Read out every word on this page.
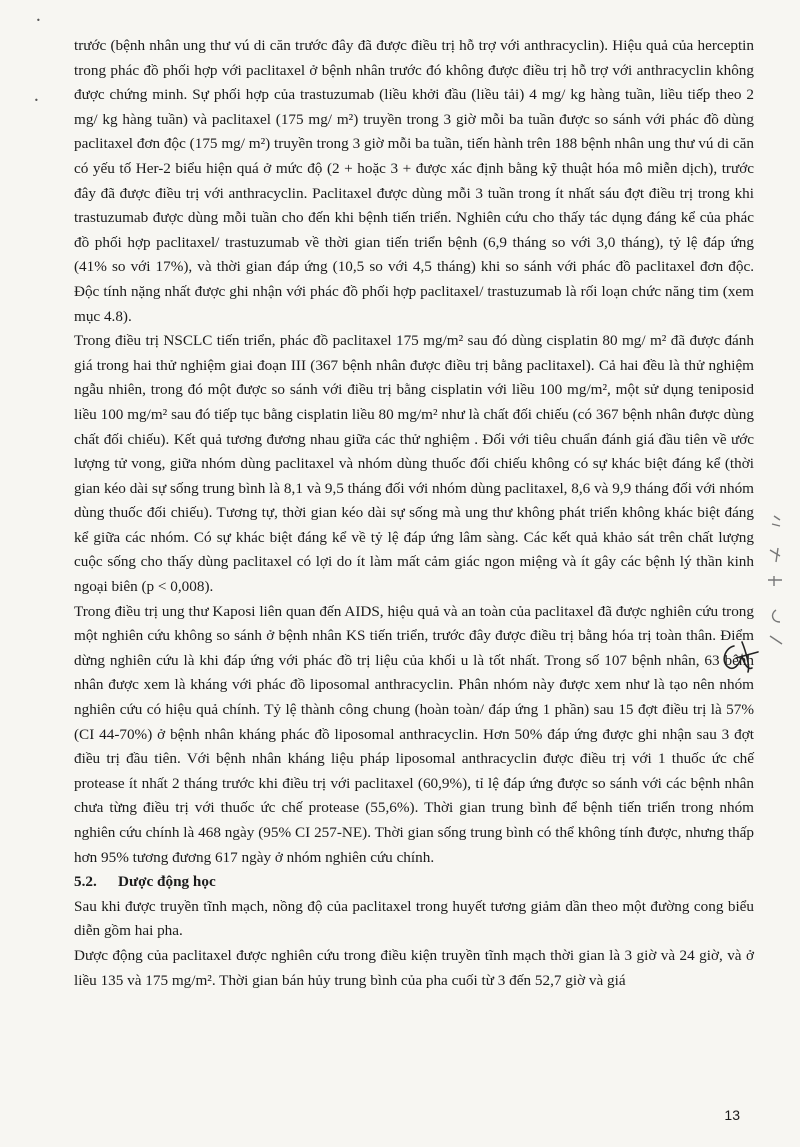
trước (bệnh nhân ung thư vú di căn trước đây đã được điều trị hỗ trợ với anthracyclin). Hiệu quả của herceptin trong phác đồ phối hợp với paclitaxel ở bệnh nhân trước đó không được điều trị hỗ trợ với anthracyclin không được chứng minh. Sự phối hợp của trastuzumab (liều khởi đầu (liều tải) 4 mg/ kg hàng tuần, liều tiếp theo 2 mg/ kg hàng tuần) và paclitaxel (175 mg/ m²) truyền trong 3 giờ mỗi ba tuần được so sánh với phác đồ dùng paclitaxel đơn độc (175 mg/ m²) truyền trong 3 giờ mỗi ba tuần, tiến hành trên 188 bệnh nhân ung thư vú di căn có yếu tố Her-2 biểu hiện quá ở mức độ (2 + hoặc 3 + được xác định bằng kỹ thuật hóa mô miễn dịch), trước đây đã được điều trị với anthracyclin. Paclitaxel được dùng mỗi 3 tuần trong ít nhất sáu đợt điều trị trong khi trastuzumab được dùng mỗi tuần cho đến khi bệnh tiến triển. Nghiên cứu cho thấy tác dụng đáng kể của phác đồ phối hợp paclitaxel/ trastuzumab về thời gian tiến triển bệnh (6,9 tháng so với 3,0 tháng), tỷ lệ đáp ứng (41% so với 17%), và thời gian đáp ứng (10,5 so với 4,5 tháng) khi so sánh với phác đồ paclitaxel đơn độc. Độc tính nặng nhất được ghi nhận với phác đồ phối hợp paclitaxel/ trastuzumab là rối loạn chức năng tim (xem mục 4.8).

Trong điều trị NSCLC tiến triển, phác đồ paclitaxel 175 mg/m² sau đó dùng cisplatin 80 mg/ m² đã được đánh giá trong hai thử nghiệm giai đoạn III (367 bệnh nhân được điều trị bằng paclitaxel). Cả hai đều là thử nghiệm ngẫu nhiên, trong đó một được so sánh với điều trị bằng cisplatin với liều 100 mg/m², một sử dụng teniposid liều 100 mg/m² sau đó tiếp tục bằng cisplatin liều 80 mg/m² như là chất đối chiếu (có 367 bệnh nhân được dùng chất đối chiếu). Kết quả tương đương nhau giữa các thử nghiệm . Đối với tiêu chuẩn đánh giá đầu tiên về ước lượng tử vong, giữa nhóm dùng paclitaxel và nhóm dùng thuốc đối chiếu không có sự khác biệt đáng kể (thời gian kéo dài sự sống trung bình là 8,1 và 9,5 tháng đối với nhóm dùng paclitaxel, 8,6 và 9,9 tháng đối với nhóm dùng thuốc đối chiếu). Tương tự, thời gian kéo dài sự sống mà ung thư không phát triển không khác biệt đáng kể giữa các nhóm. Có sự khác biệt đáng kể về tỷ lệ đáp ứng lâm sàng. Các kết quả khảo sát trên chất lượng cuộc sống cho thấy dùng paclitaxel có lợi do ít làm mất cảm giác ngon miệng và ít gây các bệnh lý thần kinh ngoại biên (p < 0,008).

Trong điều trị ung thư Kaposi liên quan đến AIDS, hiệu quả và an toàn của paclitaxel đã được nghiên cứu trong một nghiên cứu không so sánh ở bệnh nhân KS tiến triển, trước đây được điều trị bằng hóa trị toàn thân. Điểm dừng nghiên cứu là khi đáp ứng với phác đồ trị liệu của khối u là tốt nhất. Trong số 107 bệnh nhân, 63 bệnh nhân được xem là kháng với phác đồ liposomal anthracyclin. Phân nhóm này được xem như là tạo nên nhóm nghiên cứu có hiệu quả chính. Tỷ lệ thành công chung (hoàn toàn/ đáp ứng 1 phần) sau 15 đợt điều trị là 57% (CI 44-70%) ở bệnh nhân kháng phác đồ liposomal anthracyclin. Hơn 50% đáp ứng được ghi nhận sau 3 đợt điều trị đầu tiên. Với bệnh nhân kháng liệu pháp liposomal anthracyclin được điều trị với 1 thuốc ức chế protease ít nhất 2 tháng trước khi điều trị với paclitaxel (60,9%), tỉ lệ đáp ứng được so sánh với các bệnh nhân chưa từng điều trị với thuốc ức chế protease (55,6%). Thời gian trung bình để bệnh tiến triển trong nhóm nghiên cứu chính là 468 ngày (95% CI 257-NE). Thời gian sống trung bình có thể không tính được, nhưng thấp hơn 95% tương đương 617 ngày ở nhóm nghiên cứu chính.

5.2. Dược động học

Sau khi được truyền tĩnh mạch, nồng độ của paclitaxel trong huyết tương giảm dần theo một đường cong biểu diễn gồm hai pha.

Dược động của paclitaxel được nghiên cứu trong điều kiện truyền tĩnh mạch thời gian là 3 giờ và 24 giờ, và ở liều 135 và 175 mg/m². Thời gian bán hủy trung bình của pha cuối từ 3 đến 52,7 giờ và giá

13
•
•
